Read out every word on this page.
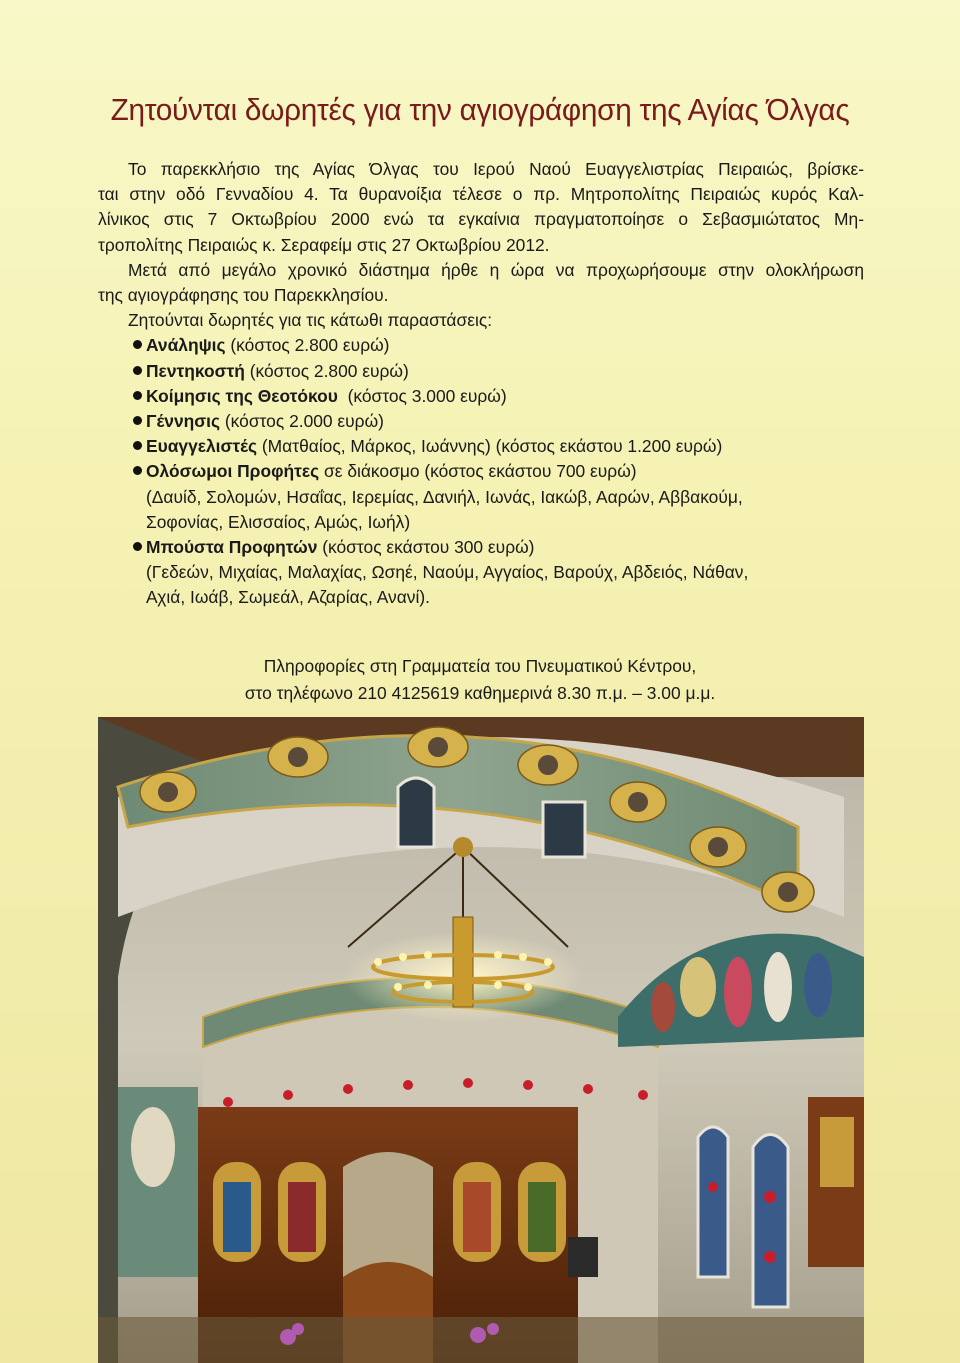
Ζητούνται δωρητές για την αγιογράφηση της Αγίας Όλγας

Το παρεκκλήσιο της Αγίας Όλγας του Ιερού Ναού Ευαγγελιστρίας Πειραιώς, βρίσκε-
ται στην οδό Γενναδίου 4. Τα θυρανοίξια τέλεσε ο πρ. Μητροπολίτης Πειραιώς κυρός Καλ-
λίνικος στις 7 Οκτωβρίου 2000 ενώ τα εγκαίνια πραγματοποίησε ο Σεβασμιώτατος Μη-
τροπολίτης Πειραιώς κ. Σεραφείμ στις 27 Οκτωβρίου 2012.

Μετά από μεγάλο χρονικό διάστημα ήρθε η ώρα να προχωρήσουμε στην ολοκλήρωση
της αγιογράφησης του Παρεκκλησίου.

Ζητούνται δωρητές για τις κάτωθι παραστάσεις:

Ανάληψις (κόστος 2.800 ευρώ)
Πεντηκοστή (κόστος 2.800 ευρώ)
Κοίμησις της Θεοτόκου  (κόστος 3.000 ευρώ)
Γέννησις (κόστος 2.000 ευρώ)
Ευαγγελιστές (Ματθαίος, Μάρκος, Ιωάννης) (κόστος εκάστου 1.200 ευρώ)
Ολόσωμοι Προφήτες σε διάκοσμο (κόστος εκάστου 700 ευρώ)
(Δαυίδ, Σολομών, Ησαΐας, Ιερεμίας, Δανιήλ, Ιωνάς, Ιακώβ, Ααρών, Αββακούμ,
Σοφονίας, Ελισσαίος, Αμώς, Ιωήλ)
Μπούστα Προφητών (κόστος εκάστου 300 ευρώ)
(Γεδεών, Μιχαίας, Μαλαχίας, Ωσηέ, Ναούμ, Αγγαίος, Βαρούχ, Αβδειός, Νάθαν,
Αχιά, Ιωάβ, Σωμεάλ, Αζαρίας, Ανανί).
Πληροφορίες στη Γραμματεία του Πνευματικού Κέντρου,
στο τηλέφωνο 210 4125619 καθημερινά 8.30 π.μ. – 3.00 μ.μ.
